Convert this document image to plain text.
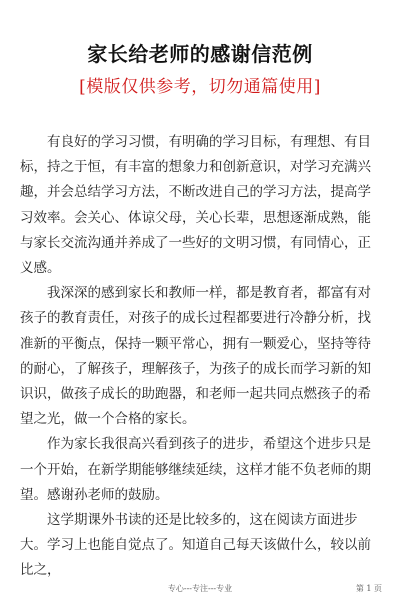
家长给老师的感谢信范例
[模版仅供参考，切勿通篇使用]

有良好的学习习惯，有明确的学习目标，有理想、有目标，持之于恒，有丰富的想象力和创新意识，对学习充满兴趣，并会总结学习方法，不断改进自己的学习方法，提高学习效率。会关心、体谅父母，关心长辈，思想逐渐成熟，能与家长交流沟通并养成了一些好的文明习惯，有同情心，正义感。

我深深的感到家长和教师一样，都是教育者，都富有对孩子的教育责任，对孩子的成长过程都要进行冷静分析，找准新的平衡点，保持一颗平常心，拥有一颗爱心，坚持等待的耐心，了解孩子，理解孩子，为孩子的成长而学习新的知识识，做孩子成长的助跑器，和老师一起共同点燃孩子的希望之光，做一个合格的家长。

作为家长我很高兴看到孩子的进步，希望这个进步只是一个开始，在新学期能够继续延续，这样才能不负老师的期望。感谢孙老师的鼓励。

这学期课外书读的还是比较多的，这在阅读方面进步大。学习上也能自觉点了。知道自己每天该做什么，较以前比之，

专心---专注---专业	第 1 页
